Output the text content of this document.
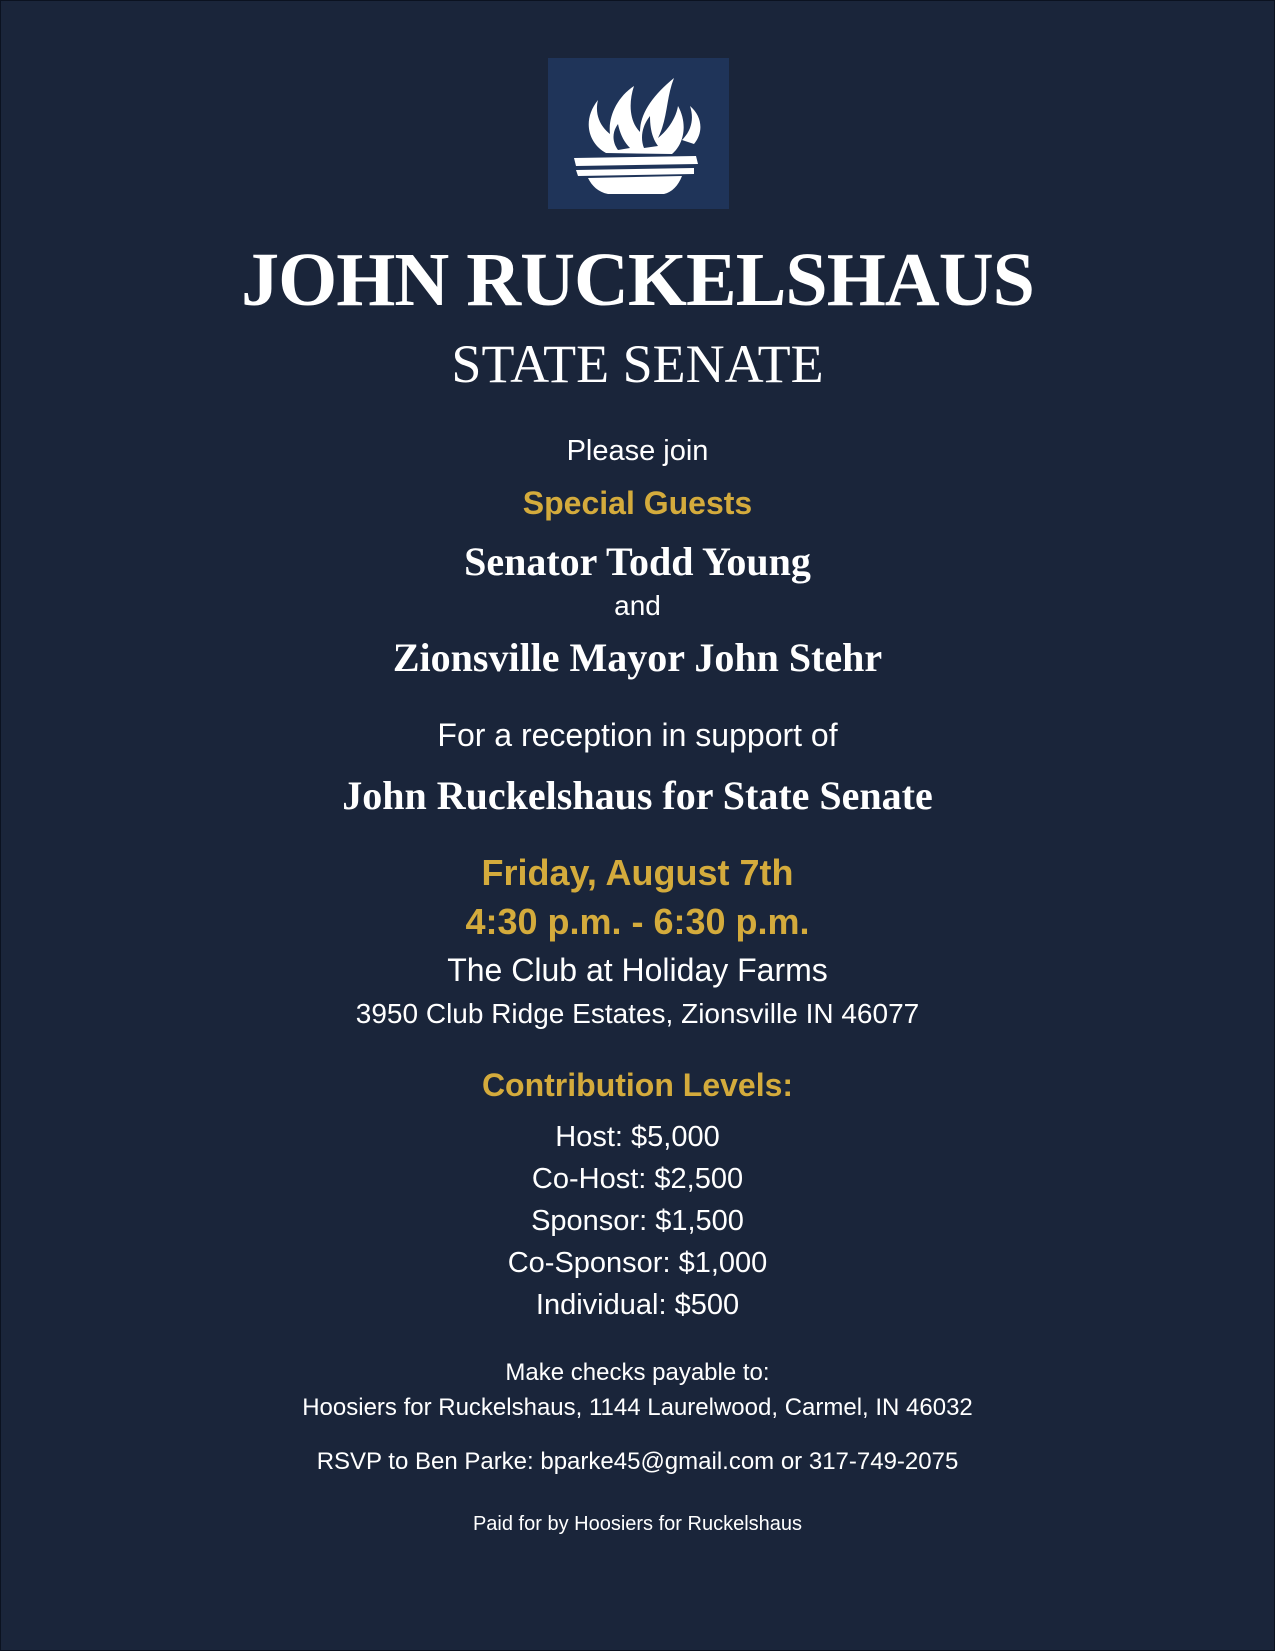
JOHN RUCKELSHAUS
STATE SENATE

Please join

Special Guests

Senator Todd Young

and

Zionsville Mayor John Stehr

For a reception in support of

John Ruckelshaus for State Senate

Friday, August 7th

4:30 p.m. - 6:30 p.m.

The Club at Holiday Farms

3950 Club Ridge Estates, Zionsville IN 46077

Contribution Levels:

Host: $5,000
Co-Host: $2,500
Sponsor: $1,500
Co-Sponsor: $1,000
Individual: $500

Make checks payable to:

Hoosiers for Ruckelshaus, 1144 Laurelwood, Carmel, IN 46032

RSVP to Ben Parke: bparke45@gmail.com or 317-749-2075

Paid for by Hoosiers for Ruckelshaus
